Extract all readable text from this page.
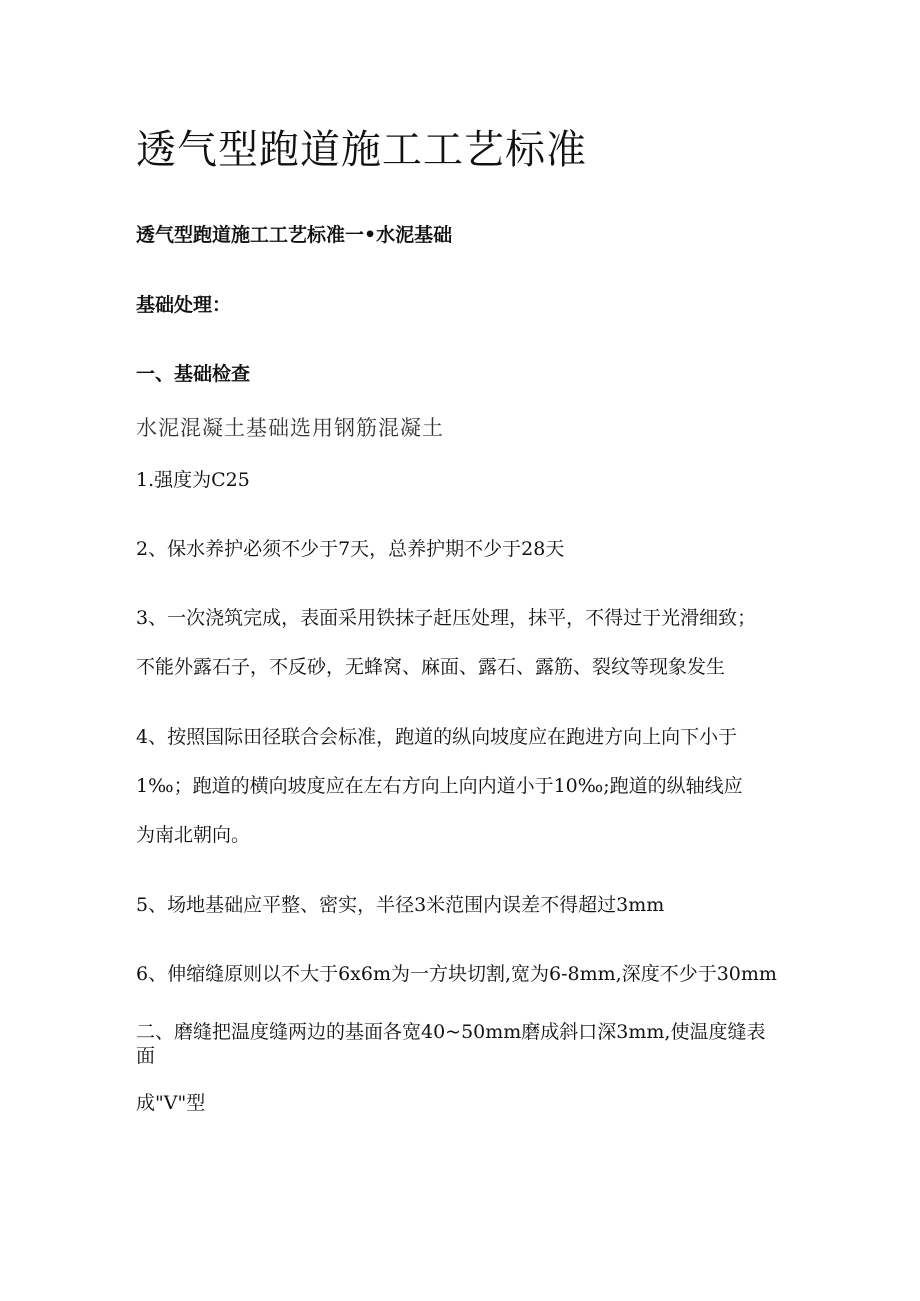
透气型跑道施工工艺标准
透气型跑道施工工艺标准一•水泥基础
基础处理：
一、基础检查
水泥混凝土基础选用钢筋混凝土
1.强度为C25
2、保水养护必须不少于7天，总养护期不少于28天
3、一次浇筑完成，表面采用铁抹子赶压处理，抹平，不得过于光滑细致；
不能外露石子，不反砂，无蜂窝、麻面、露石、露筋、裂纹等现象发生
4、按照国际田径联合会标准，跑道的纵向坡度应在跑进方向上向下小于
1‰；跑道的横向坡度应在左右方向上向内道小于10‰;跑道的纵轴线应
为南北朝向。
5、场地基础应平整、密实，半径3米范围内误差不得超过3mm
6、伸缩缝原则以不大于6x6m为一方块切割,宽为6-8mm,深度不少于30mm
二、磨缝把温度缝两边的基面各宽40~50mm磨成斜口深3mm,使温度缝表
面
成"V"型
